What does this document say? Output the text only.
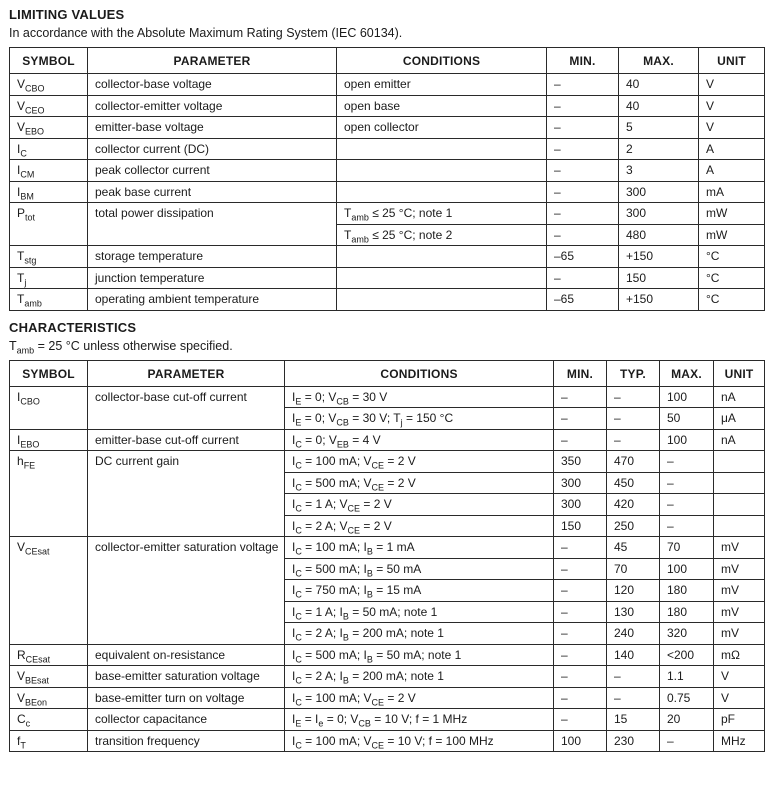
LIMITING VALUES

In accordance with the Absolute Maximum Rating System (IEC 60134).

SYMBOL	PARAMETER	CONDITIONS	MIN.	MAX.	UNIT
$V_{CBO}$	collector-base voltage	open emitter	–	40	V
$V_{CEO}$	collector-emitter voltage	open base	–	40	V
$V_{EBO}$	emitter-base voltage	open collector	–	5	V
$I_C$	collector current (DC)		–	2	A
$I_{CM}$	peak collector current		–	3	A
$I_{BM}$	peak base current		–	300	mA
$P_{tot}$	total power dissipation	$T_{amb} \le 25$ °C; note 1	–	300	mW
		$T_{amb} \le 25$ °C; note 2	–	480	mW
$T_{stg}$	storage temperature		–65	+150	°C
$T_j$	junction temperature		–	150	°C
$T_{amb}$	operating ambient temperature		–65	+150	°C
CHARACTERISTICS

$T_{amb} = 25$ °C unless otherwise specified.

SYMBOL	PARAMETER	CONDITIONS	MIN.	TYP.	MAX.	UNIT
$I_{CBO}$	collector-base cut-off current	$I_E = 0$; $V_{CB} = 30$ V	–	–	100	nA
		$I_E = 0$; $V_{CB} = 30$ V; $T_j = 150$ °C	–	–	50	μA
$I_{EBO}$	emitter-base cut-off current	$I_C = 0$; $V_{EB} = 4$ V	–	–	100	nA
$h_{FE}$	DC current gain	$I_C = 100$ mA; $V_{CE} = 2$ V	350	470	–	
		$I_C = 500$ mA; $V_{CE} = 2$ V	300	450	–	
		$I_C = 1$ A; $V_{CE} = 2$ V	300	420	–	
		$I_C = 2$ A; $V_{CE} = 2$ V	150	250	–	
$V_{CEsat}$	collector-emitter saturation voltage	$I_C = 100$ mA; $I_B = 1$ mA	–	45	70	mV
		$I_C = 500$ mA; $I_B = 50$ mA	–	70	100	mV
		$I_C = 750$ mA; $I_B = 15$ mA	–	120	180	mV
		$I_C = 1$ A; $I_B = 50$ mA; note 1	–	130	180	mV
		$I_C = 2$ A; $I_B = 200$ mA; note 1	–	240	320	mV
$R_{CEsat}$	equivalent on-resistance	$I_C = 500$ mA; $I_B = 50$ mA; note 1	–	140	<200	mΩ
$V_{BEsat}$	base-emitter saturation voltage	$I_C = 2$ A; $I_B = 200$ mA; note 1	–	–	1.1	V
$V_{BEon}$	base-emitter turn on voltage	$I_C = 100$ mA; $V_{CE} = 2$ V	–	–	0.75	V
$C_c$	collector capacitance	$I_E = I_e = 0$; $V_{CB} = 10$ V; f = 1 MHz	–	15	20	pF
$f_T$	transition frequency	$I_C = 100$ mA; $V_{CE} = 10$ V; f = 100 MHz	100	230	–	MHz
